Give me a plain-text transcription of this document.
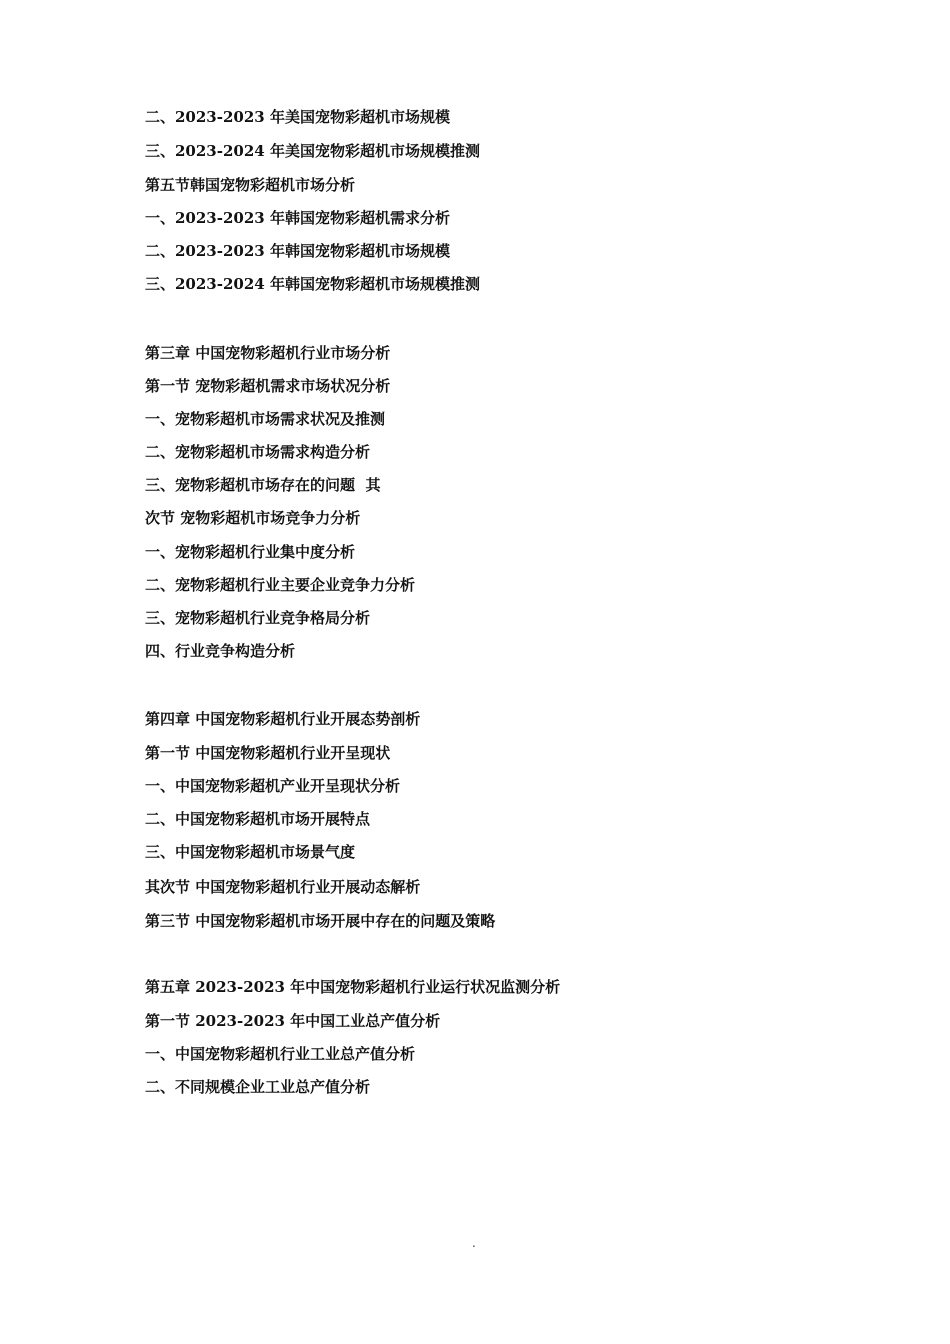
二、2023-2023 年美国宠物彩超机市场规模
三、2023-2024 年美国宠物彩超机市场规模推测
第五节韩国宠物彩超机市场分析
一、2023-2023 年韩国宠物彩超机需求分析
二、2023-2023 年韩国宠物彩超机市场规模
三、2023-2024 年韩国宠物彩超机市场规模推测
第三章 中国宠物彩超机行业市场分析
第一节 宠物彩超机需求市场状况分析
一、宠物彩超机市场需求状况及推测
二、宠物彩超机市场需求构造分析
三、宠物彩超机市场存在的问题  其
次节 宠物彩超机市场竞争力分析
一、宠物彩超机行业集中度分析
二、宠物彩超机行业主要企业竞争力分析
三、宠物彩超机行业竞争格局分析
四、行业竞争构造分析
第四章 中国宠物彩超机行业开展态势剖析
第一节 中国宠物彩超机行业开呈现状
一、中国宠物彩超机产业开呈现状分析
二、中国宠物彩超机市场开展特点
三、中国宠物彩超机市场景气度
其次节 中国宠物彩超机行业开展动态解析
第三节 中国宠物彩超机市场开展中存在的问题及策略
第五章 2023-2023 年中国宠物彩超机行业运行状况监测分析
第一节 2023-2023 年中国工业总产值分析
一、中国宠物彩超机行业工业总产值分析
二、不同规模企业工业总产值分析
.
